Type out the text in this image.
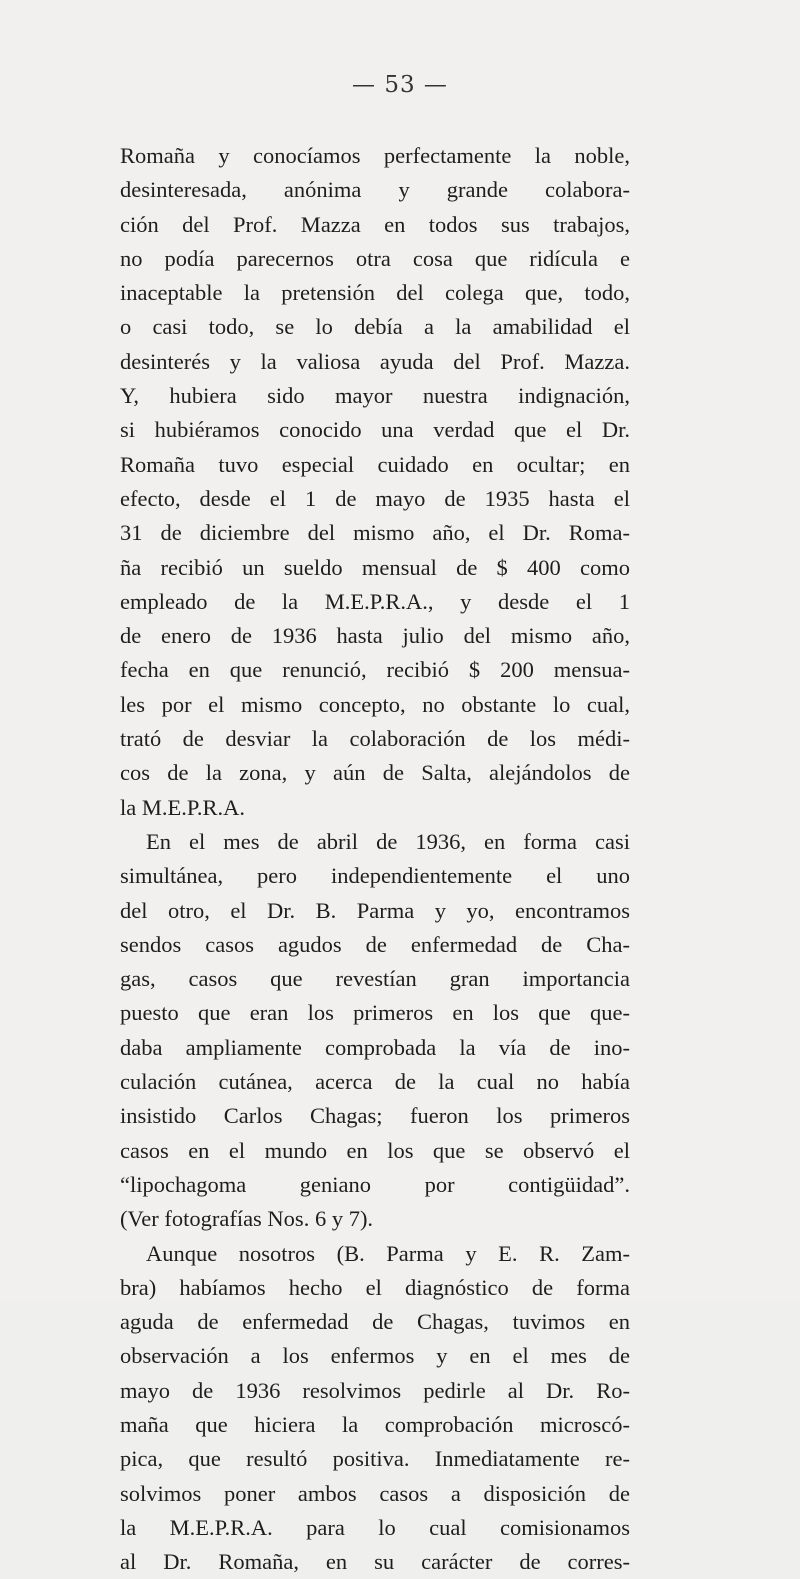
— 53 —
Romaña y conocíamos perfectamente la noble,
desinteresada, anónima y grande colabora-
ción del Prof. Mazza en todos sus trabajos,
no podía parecernos otra cosa que ridícula e
inaceptable la pretensión del colega que, todo,
o casi todo, se lo debía a la amabilidad el
desinterés y la valiosa ayuda del Prof. Mazza.
Y, hubiera sido mayor nuestra indignación,
si hubiéramos conocido una verdad que el Dr.
Romaña tuvo especial cuidado en ocultar; en
efecto, desde el 1 de mayo de 1935 hasta el
31 de diciembre del mismo año, el Dr. Roma-
ña recibió un sueldo mensual de $ 400 como
empleado de la M.E.P.R.A., y desde el 1
de enero de 1936 hasta julio del mismo año,
fecha en que renunció, recibió $ 200 mensua-
les por el mismo concepto, no obstante lo cual,
trató de desviar la colaboración de los médi-
cos de la zona, y aún de Salta, alejándolos de
la M.E.P.R.A.
En el mes de abril de 1936, en forma casi
simultánea, pero independientemente el uno
del otro, el Dr. B. Parma y yo, encontramos
sendos casos agudos de enfermedad de Cha-
gas, casos que revestían gran importancia
puesto que eran los primeros en los que que-
daba ampliamente comprobada la vía de ino-
culación cutánea, acerca de la cual no había
insistido Carlos Chagas; fueron los primeros
casos en el mundo en los que se observó el
“lipochagoma geniano por contigüidad”.
(Ver fotografías Nos. 6 y 7).
Aunque nosotros (B. Parma y E. R. Zam-
bra) habíamos hecho el diagnóstico de forma
aguda de enfermedad de Chagas, tuvimos en
observación a los enfermos y en el mes de
mayo de 1936 resolvimos pedirle al Dr. Ro-
maña que hiciera la comprobación microscó-
pica, que resultó positiva. Inmediatamente re-
solvimos poner ambos casos a disposición de
la M.E.P.R.A. para lo cual comisionamos
al Dr. Romaña, en su carácter de corres-
